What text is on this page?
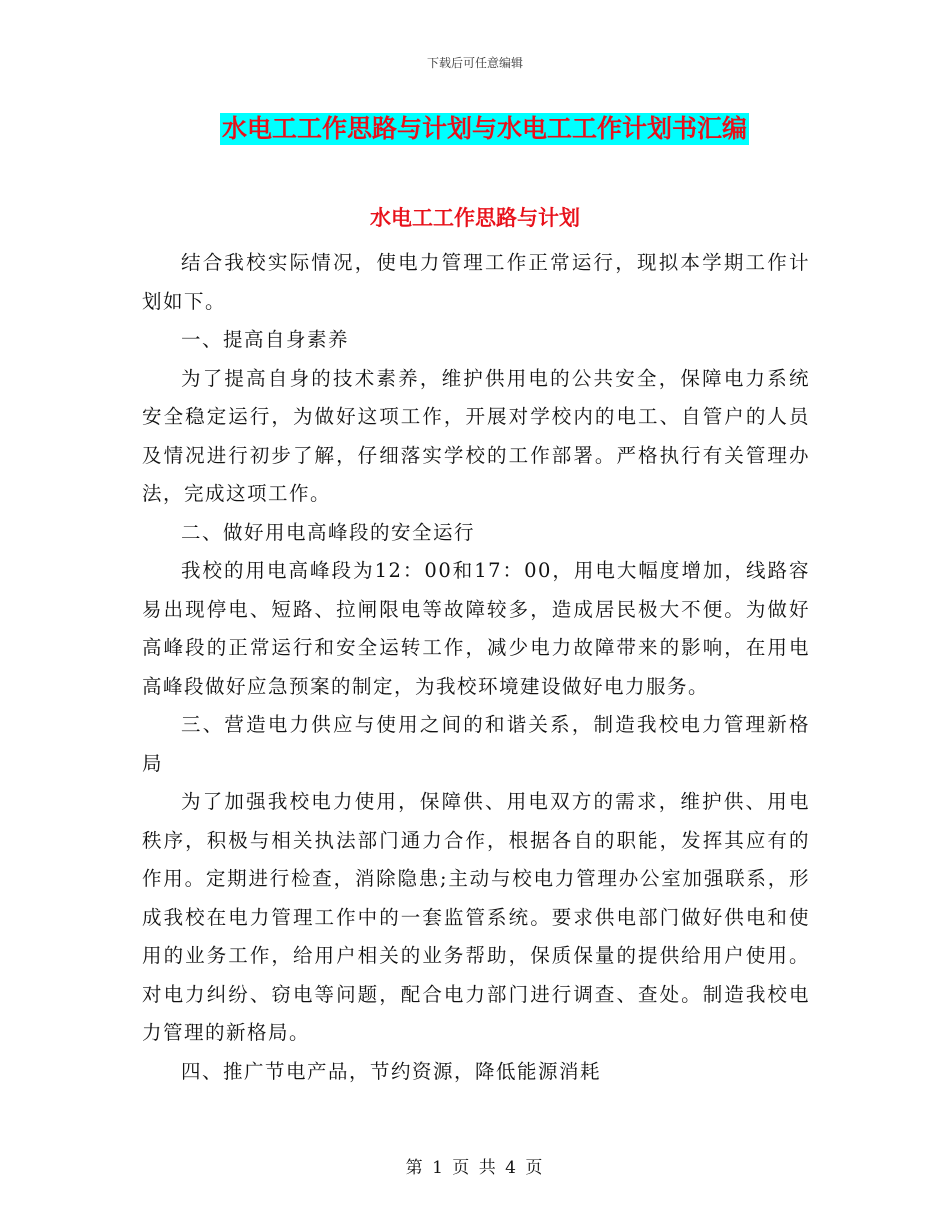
下载后可任意编辑
水电工工作思路与计划与水电工工作计划书汇编
水电工工作思路与计划

结合我校实际情况，使电力管理工作正常运行，现拟本学期工作计划如下。

一、提高自身素养

为了提高自身的技术素养，维护供用电的公共安全，保障电力系统安全稳定运行，为做好这项工作，开展对学校内的电工、自管户的人员及情况进行初步了解，仔细落实学校的工作部署。严格执行有关管理办法，完成这项工作。

二、做好用电高峰段的安全运行

我校的用电高峰段为12：00和17：00，用电大幅度增加，线路容易出现停电、短路、拉闸限电等故障较多，造成居民极大不便。为做好高峰段的正常运行和安全运转工作，减少电力故障带来的影响，在用电高峰段做好应急预案的制定，为我校环境建设做好电力服务。

三、营造电力供应与使用之间的和谐关系，制造我校电力管理新格局

为了加强我校电力使用，保障供、用电双方的需求，维护供、用电秩序，积极与相关执法部门通力合作，根据各自的职能，发挥其应有的作用。定期进行检查，消除隐患;主动与校电力管理办公室加强联系，形成我校在电力管理工作中的一套监管系统。要求供电部门做好供电和使用的业务工作，给用户相关的业务帮助，保质保量的提供给用户使用。对电力纠纷、窃电等问题，配合电力部门进行调查、查处。制造我校电力管理的新格局。

四、推广节电产品，节约资源，降低能源消耗

第 1 页 共 4 页
